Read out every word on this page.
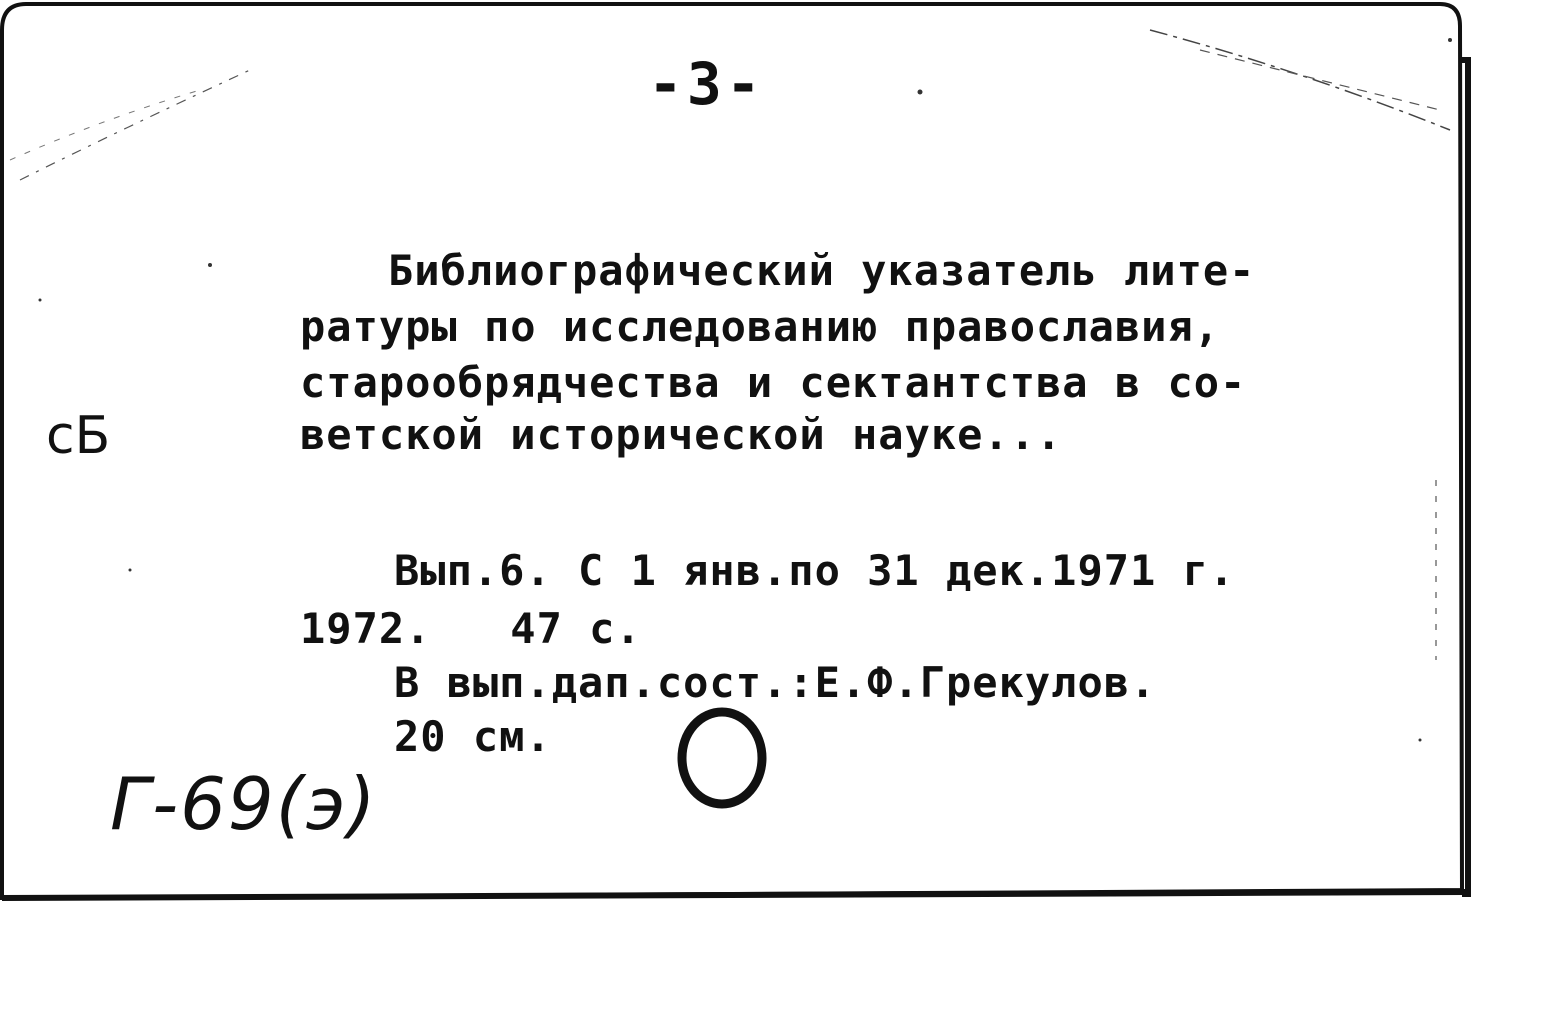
-3-
сБ
Библиографический указатель лите-
ратуры по исследованию православия,
старообрядчества и сектантства в со-
ветской исторической науке...
Вып.6. С 1 янв.по 31 дек.1971 г.
1972.   47 с.
В вып.дап.сост.:Е.Ф.Грекулов.
20 см.
Г-69(э)
